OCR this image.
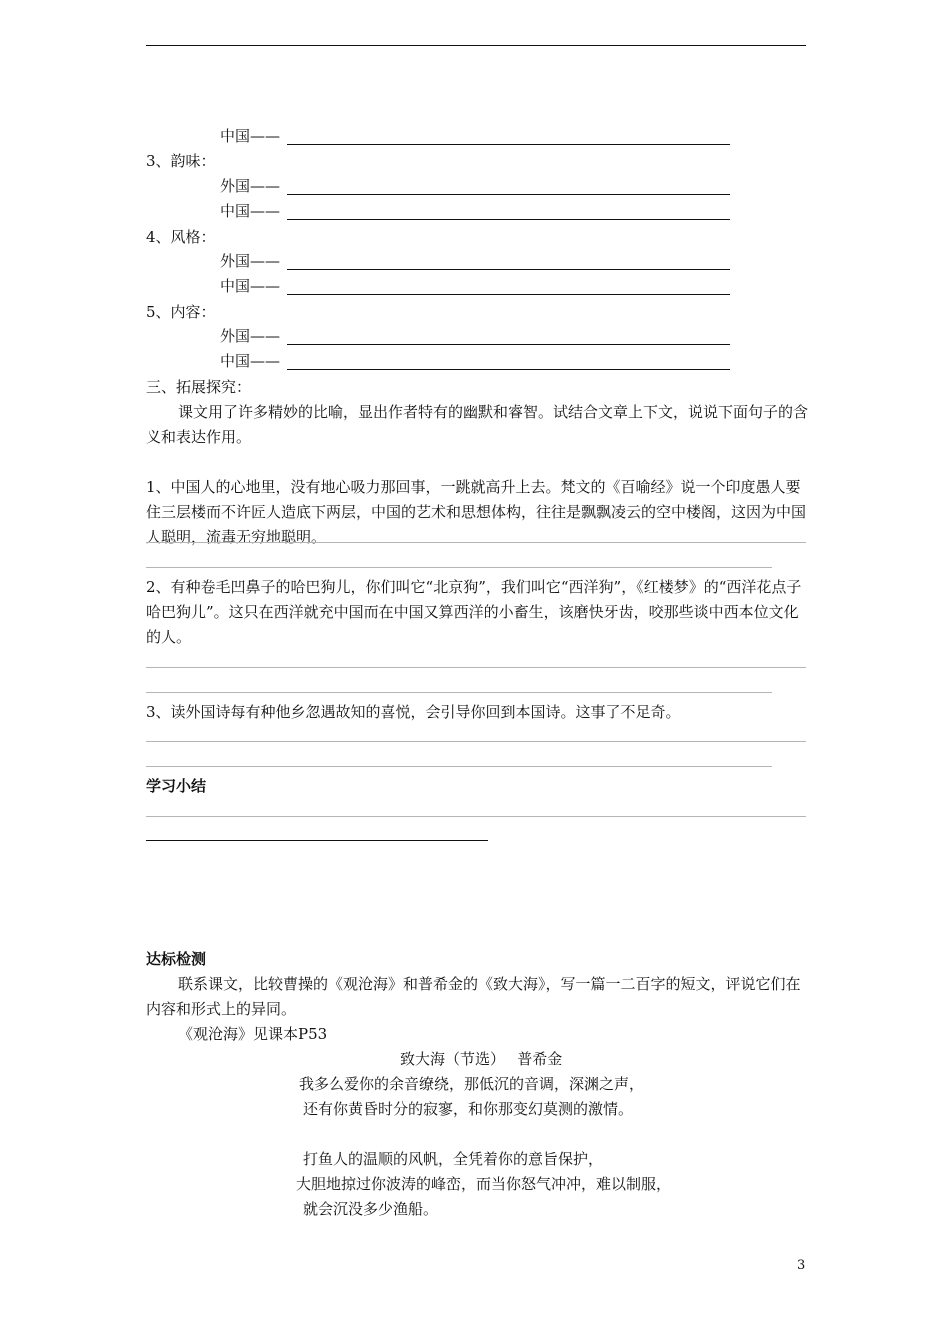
中国——
3、韵味：
外国——
中国——
4、风格：
外国——
中国——
5、内容：
外国——
中国——
三、拓展探究：
课文用了许多精妙的比喻，显出作者特有的幽默和睿智。试结合文章上下文，说说下面句子的含义和表达作用。
1、中国人的心地里，没有地心吸力那回事，一跳就高升上去。梵文的《百喻经》说一个印度愚人要住三层楼而不许匠人造底下两层，中国的艺术和思想体构，往往是飘飘凌云的空中楼阁，这因为中国人聪明，流毒无穷地聪明。
2、有种卷毛凹鼻子的哈巴狗儿，你们叫它“北京狗”，我们叫它“西洋狗”，《红楼梦》的“西洋花点子哈巴狗儿”。这只在西洋就充中国而在中国又算西洋的小畜生，该磨快牙齿，咬那些谈中西本位文化的人。
3、读外国诗每有种他乡忽遇故知的喜悦，会引导你回到本国诗。这事了不足奇。
学习小结
达标检测
联系课文，比较曹操的《观沧海》和普希金的《致大海》，写一篇一二百字的短文，评说它们在内容和形式上的异同。
《观沧海》见课本P53
致大海（节选）　 普希金
我多么爱你的余音缭绕，那低沉的音调，深渊之声，
还有你黄昏时分的寂寥，和你那变幻莫测的激情。
打鱼人的温顺的风帆，全凭着你的意旨保护，
大胆地掠过你波涛的峰峦，而当你怒气冲冲，难以制服，
就会沉没多少渔船。
3
